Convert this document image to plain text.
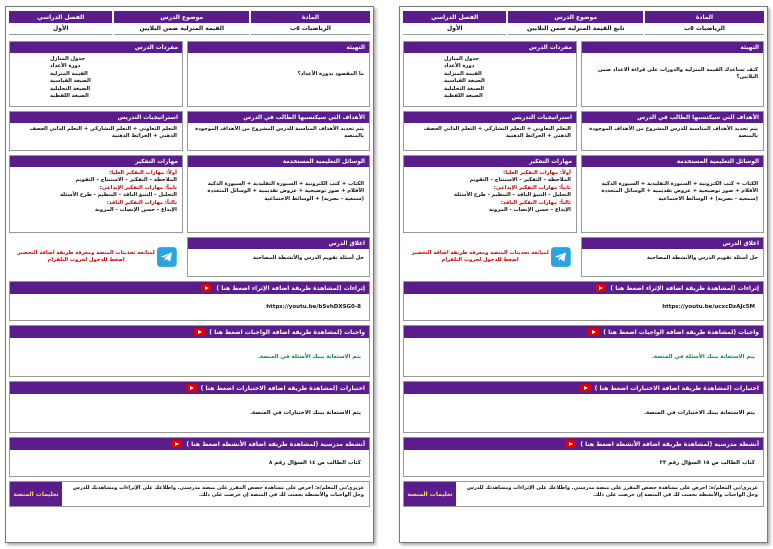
المادة
موضوع الدرس
الفصل الدراسي
الرياضيات ٥ب
القيمة المنزلية ضمن البلايين
الأول
التهيئة
ما المقصود بدورة الأعداد؟
مفردات الدرس
جدول المنازل
دورة الأعداد
القيمة المنزلية
الصيغة القياسية
الصيغة التحليلية
الصيغة اللفظية
الأهداف التي سيكتسبها الطالب في الدرس
يتم تحديد الأهداف المناسبة للدرس المشروح من الأهداف الموجودة بالمنصة
استراتيجيات التدريس
التعلم التعاوني + التعلم التشاركي + التعلم الذاتي العصف الذهني + الخرائط الذهنية
الوسائل التعليمية المستخدمة
الكتاب + كتب الكترونية + السبورة التقليدية + السبورة الذكية الأقلام + صور توضيحية + عروض تقديمية + الوسائل المتعددة (سمعية - بصرية) + الوسائط الاجتماعية
مهارات التفكير
أولاً: مهارات التفكير العليا:
الملاحظة – التفكير – الاستنتاج – التقويم
ثانياً: مهارات التفكير الإبداعي:
التحليل – التنبؤ الناقد – التنظيم - طرح الأسئلة
ثالثاً: مهارات التفكير الناقد:
الإبداع – حسن الإنصات - المرونة
اغلاق الدرس
حل أسئلة تقويم الدرس والأنشطة المصاحبة
لمتابعة تحديثات المنصة ومعرفة طريقة اضافة التحضير اضغط للدخول لجروب التلقرام
إثراءات (لمشاهدة طريقة اضافة الإثراء اضغط هنا )
https://youtu.be/bSvhDXSG0-8
واجبات (لمشاهدة طريقة اضافة الواجبات اضغط هنا )
يتم الاستعانة ببنك الأسئلة في المنصة.
اختبارات (لمشاهدة طريقة اضافة الاختبارات اضغط هنا )
يتم الاستعانة ببنك الاختبارات في المنصة.
أنشطة مدرسية (لمشاهدة طريقة اضافة الأنشطة اضغط هنا )
كتاب الطالب ص ١٤ السؤال رقم ٨
عزيزي/تي المعلم/ة: احرص على مشاهدة حصص المقرر على منصة مدرستي. واطلاعك على الإثراءات ومشاهدتك للدرس وحل الواجبات والأنشطة يحسب لك في المنصة إن حرصت على ذلك.
تعليمات المنصة
المادة
موضوع الدرس
الفصل الدراسي
الرياضيات ٥ب
تابع القيمة المنزلية ضمن البلايين
الأول
التهيئة
كيف تساعدك القيمة المنزلية والدورات على قراءة الاعداد ضمن البلايين؟
مفردات الدرس
جدول المنازل
دورة الأعداد
القيمة المنزلية
الصيغة القياسية
الصيغة التحليلية
الصيغة اللفظية
الأهداف التي سيكتسبها الطالب في الدرس
يتم تحديد الأهداف المناسبة للدرس المشروح من الأهداف الموجودة بالمنصة
استراتيجيات التدريس
التعلم التعاوني + التعلم التشاركي + التعلم الذاتي العصف الذهني + الخرائط الذهنية
الوسائل التعليمية المستخدمة
الكتاب + كتب الكترونية + السبورة التقليدية + السبورة الذكية الأقلام + صور توضيحية + عروض تقديمية + الوسائل المتعددة (سمعية - بصرية) + الوسائط الاجتماعية
مهارات التفكير
أولاً: مهارات التفكير العليا:
الملاحظة – التفكير – الاستنتاج – التقويم
ثانياً: مهارات التفكير الإبداعي:
التحليل – التنبؤ الناقد – التنظيم - طرح الأسئلة
ثالثاً: مهارات التفكير الناقد:
الإبداع – حسن الإنصات - المرونة
اغلاق الدرس
حل أسئلة تقويم الدرس والأنشطة المصاحبة
لمتابعة تحديثات المنصة ومعرفة طريقة اضافة التحضير اضغط للدخول لجروب التلقرام
إثراءات (لمشاهدة طريقة اضافة الإثراء اضغط هنا )
https://youtu.be/ucxcDzAJc5M
واجبات (لمشاهدة طريقة اضافة الواجبات اضغط هنا )
يتم الاستعانة ببنك الأسئلة في المنصة.
اختبارات (لمشاهدة طريقة اضافة الاختبارات اضغط هنا )
يتم الاستعانة ببنك الاختبارات في المنصة.
أنشطة مدرسية (لمشاهدة طريقة اضافة الأنشطة اضغط هنا )
كتاب الطالب ص ١٥ السؤال رقم ٢٣
عزيزي/تي المعلم/ة: احرص على مشاهدة حصص المقرر على منصة مدرستي. واطلاعك على الإثراءات ومشاهدتك للدرس وحل الواجبات والأنشطة يحسب لك في المنصة إن حرصت على ذلك.
تعليمات المنصة
